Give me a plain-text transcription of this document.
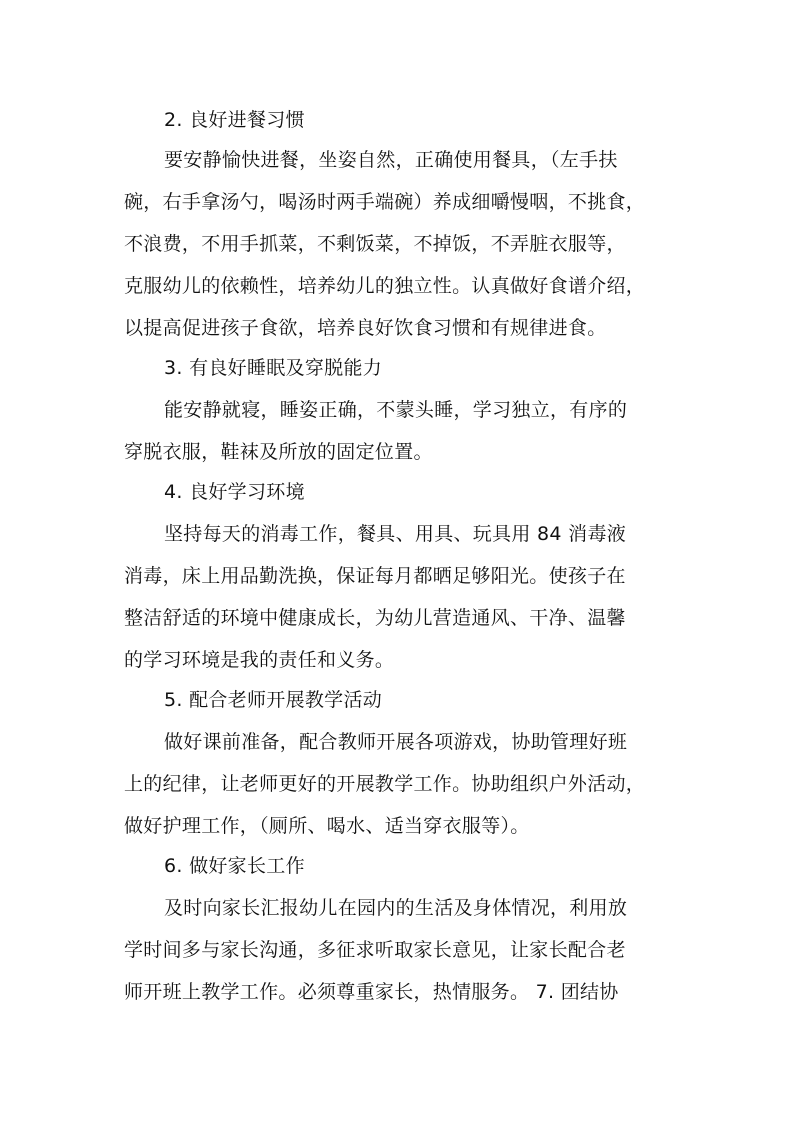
2. 良好进餐习惯
要安静愉快进餐，坐姿自然，正确使用餐具，（左手扶
碗，右手拿汤勺，喝汤时两手端碗）养成细嚼慢咽，不挑食，
不浪费，不用手抓菜，不剩饭菜，不掉饭，不弄脏衣服等，
克服幼儿的依赖性，培养幼儿的独立性。认真做好食谱介绍，
以提高促进孩子食欲，培养良好饮食习惯和有规律进食。
3. 有良好睡眠及穿脱能力
能安静就寝，睡姿正确，不蒙头睡，学习独立，有序的
穿脱衣服，鞋袜及所放的固定位置。
4. 良好学习环境
坚持每天的消毒工作，餐具、用具、玩具用 84 消毒液
消毒，床上用品勤洗换，保证每月都晒足够阳光。使孩子在
整洁舒适的环境中健康成长，为幼儿营造通风、干净、温馨
的学习环境是我的责任和义务。
5. 配合老师开展教学活动
做好课前准备，配合教师开展各项游戏，协助管理好班
上的纪律，让老师更好的开展教学工作。协助组织户外活动，
做好护理工作，（厕所、喝水、适当穿衣服等）。
6. 做好家长工作
及时向家长汇报幼儿在园内的生活及身体情况，利用放
学时间多与家长沟通，多征求听取家长意见，让家长配合老
师开班上教学工作。必须尊重家长，热情服务。 7. 团结协
